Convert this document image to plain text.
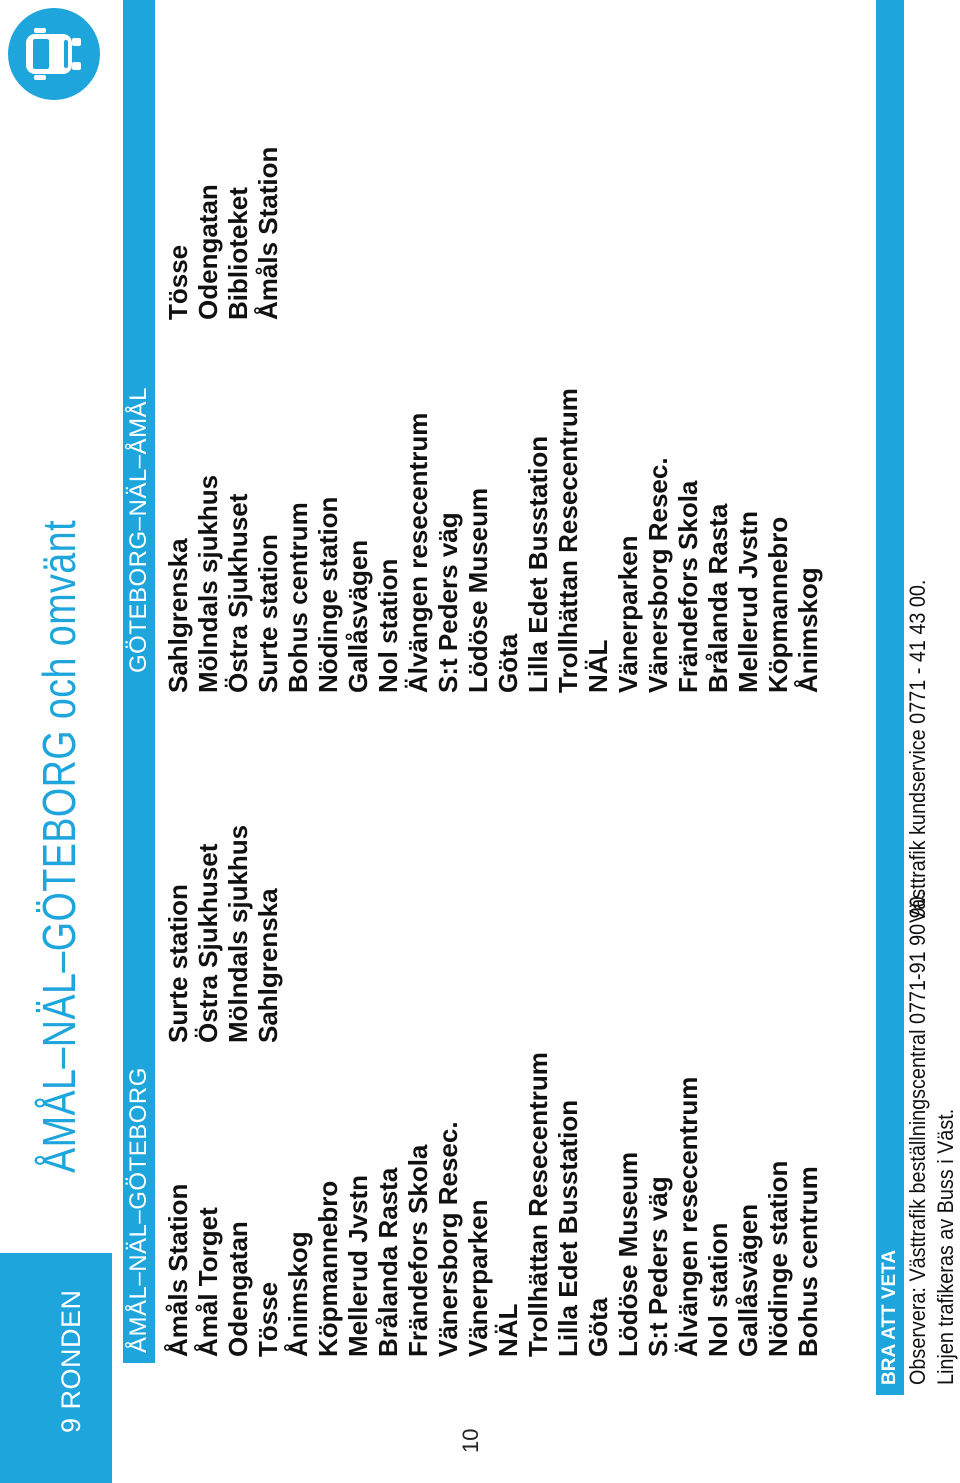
9 RONDEN
ÅMÅL–NÄL–GÖTEBORG och omvänt
ÅMÅL–NÄL–GÖTEBORG
GÖTEBORG–NÄL–ÅMÅL
Åmåls Station Åmål Torget Odengatan Tösse Ånimskog Köpmannebro Mellerud Jvstn Brålanda Rasta Frändefors Skola Vänersborg Resec. Vänerparken NÄL Trollhättan Resecentrum Lilla Edet Busstation Göta Lödöse Museum S:t Peders väg Älvängen resecentrum Nol station Gallåsvägen Nödinge station Bohus centrum
Surte station Östra Sjukhuset Mölndals sjukhus Sahlgrenska
Sahlgrenska Mölndals sjukhus Östra Sjukhuset Surte station Bohus centrum Nödinge station Gallåsvägen Nol station Älvängen resecentrum S:t Peders väg Lödöse Museum Göta Lilla Edet Busstation Trollhättan Resecentrum NÄL Vänerparken Vänersborg Resec. Frändefors Skola Brålanda Rasta Mellerud Jvstn Köpmannebro Ånimskog
Tösse Odengatan Biblioteket Åmåls Station
10
BRA ATT VETA Observera: Västtrafik beställningscentral 0771-91 90 90. Linjen trafikeras av Buss i Väst.
Västtrafik kundservice 0771 - 41 43 00.
